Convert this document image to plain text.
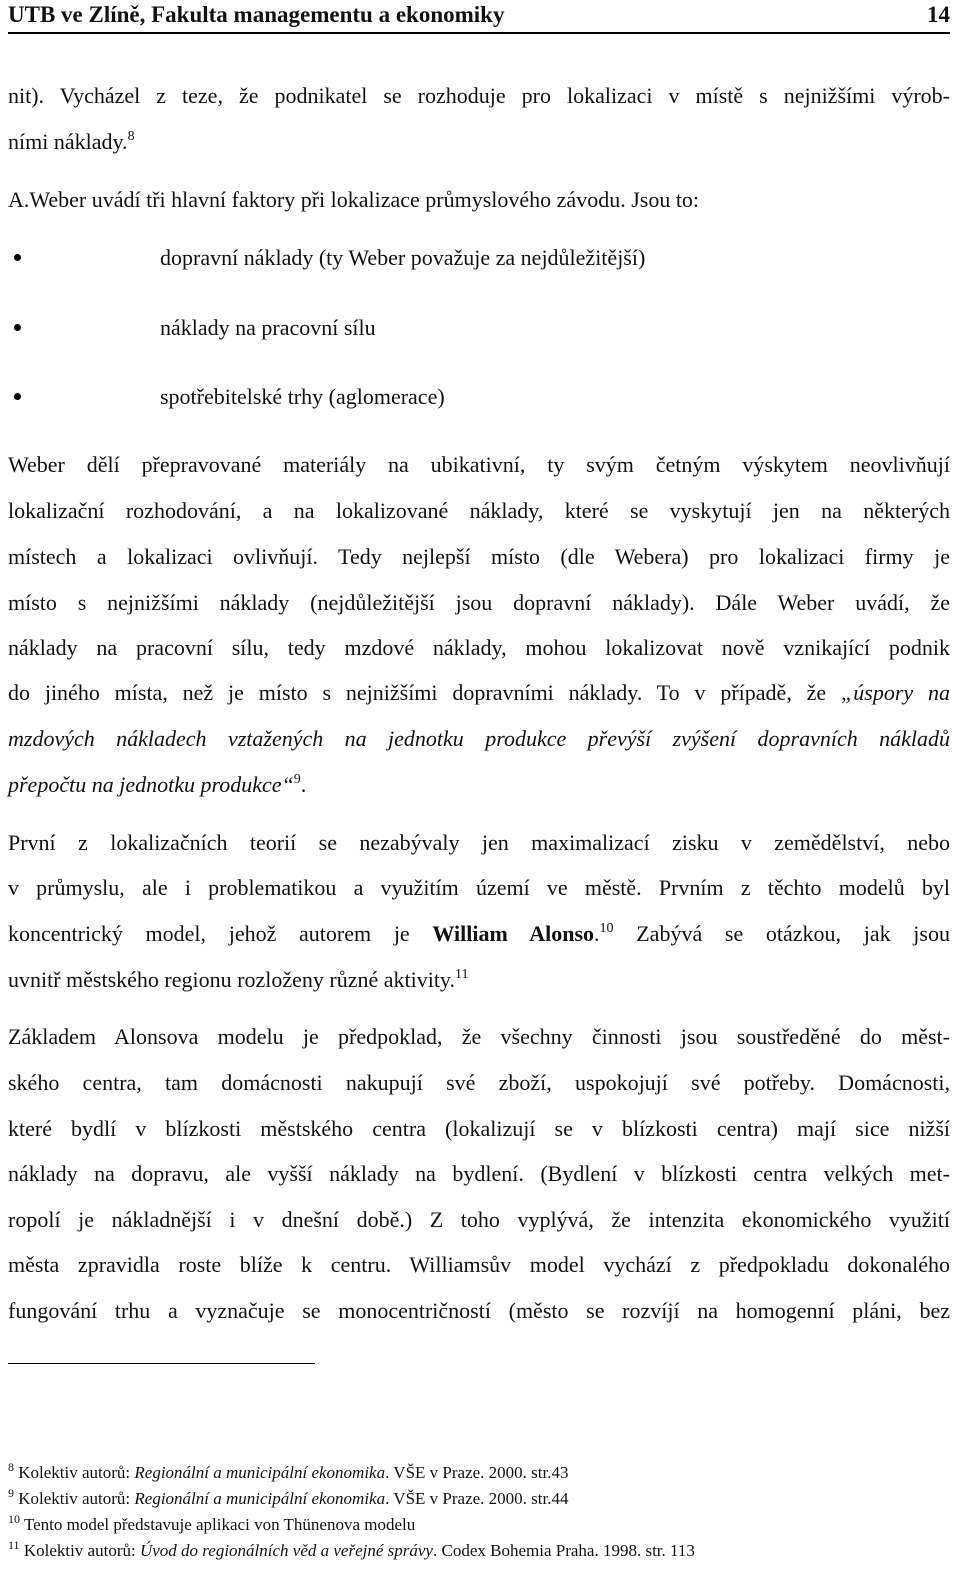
UTB ve Zlíně, Fakulta managementu a ekonomiky	14
nit). Vycházel z teze, že podnikatel se rozhoduje pro lokalizaci v místě s nejnižšími výrob-
ními náklady.$^8$
A.Weber uvádí tři hlavní faktory při lokalizace průmyslového závodu. Jsou to:
dopravní náklady (ty Weber považuje za nejdůležitější)
náklady na pracovní sílu
spotřebitelské trhy (aglomerace)
Weber dělí přepravované materiály na ubikativní, ty svým četným výskytem neovlivňují
lokalizační rozhodování, a na lokalizované náklady, které se vyskytují jen na některých
místech a lokalizaci ovlivňují. Tedy nejlepší místo (dle Webera) pro lokalizaci firmy je
místo s nejnižšími náklady (nejdůležitější jsou dopravní náklady). Dále Weber uvádí, že
náklady na pracovní sílu, tedy mzdové náklady, mohou lokalizovat nově vznikající podnik
do jiného místa, než je místo s nejnižšími dopravními náklady. To v případě, že „úspory na
mzdových nákladech vztažených na jednotku produkce převýší zvýšení dopravních nákladů
přepočtu na jednotku produkce“$^9$.
První z lokalizačních teorií se nezabývaly jen maximalizací zisku v zemědělství, nebo
v průmyslu, ale i problematikou a využitím území ve městě. Prvním z těchto modelů byl
koncentrický model, jehož autorem je William Alonso.$^{10}$ Zabývá se otázkou, jak jsou
uvnitř městského regionu rozloženy různé aktivity.$^{11}$
Základem Alonsova modelu je předpoklad, že všechny činnosti jsou soustředěné do měst-
ského centra, tam domácnosti nakupují své zboží, uspokojují své potřeby. Domácnosti,
které bydlí v blízkosti městského centra (lokalizují se v blízkosti centra) mají sice nižší
náklady na dopravu, ale vyšší náklady na bydlení. (Bydlení v blízkosti centra velkých met-
ropolí je nákladnější i v dnešní době.) Z toho vyplývá, že intenzita ekonomického využití
města zpravidla roste blíže k centru. Williamsův model vychází z předpokladu dokonalého
fungování trhu a vyznačuje se monocentričností (město se rozvíjí na homogenní pláni, bez
$^8$ Kolektiv autorů: Regionální a municipální ekonomika. VŠE v Praze. 2000. str.43
$^9$ Kolektiv autorů: Regionální a municipální ekonomika. VŠE v Praze. 2000. str.44
$^{10}$ Tento model představuje aplikaci von Thünenova modelu
$^{11}$ Kolektiv autorů: Úvod do regionálních věd a veřejné správy. Codex Bohemia Praha. 1998. str. 113
